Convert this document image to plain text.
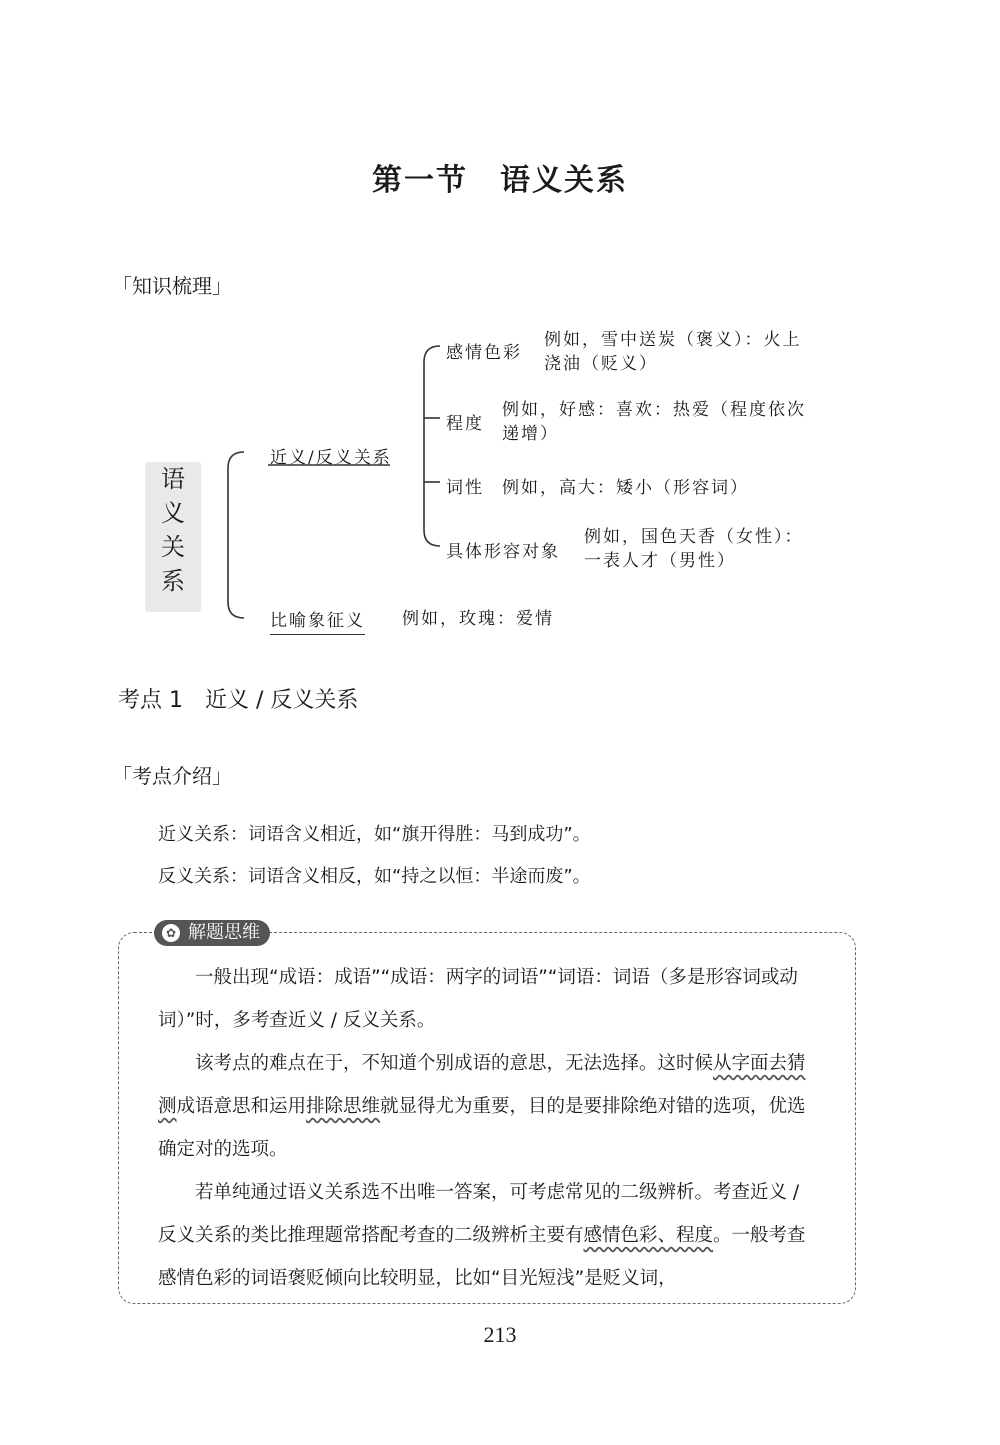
第一节　语义关系
「知识梳理」
语
义
关
系
近义/反义关系
比喻象征义 例如，玫瑰：爱情
感情色彩
例如，雪中送炭（褒义）：火上
浇油（贬义）
程度
例如，好感：喜欢：热爱（程度依次
递增）
词性 例如，高大：矮小（形容词）
具体形容对象
例如，国色天香（女性）：
一表人才（男性）
考点 1　近义 / 反义关系
「考点介绍」
近义关系：词语含义相近，如“旗开得胜：马到成功”。
反义关系：词语含义相反，如“持之以恒：半途而废”。
✿ 解题思维
一般出现“成语：成语”“成语：两字的词语”“词语：词语（多是形容词或动词）”时，多考查近义 / 反义关系。
该考点的难点在于，不知道个别成语的意思，无法选择。这时候从字面去猜测成语意思和运用排除思维就显得尤为重要，目的是要排除绝对错的选项，优选确定对的选项。
若单纯通过语义关系选不出唯一答案，可考虑常见的二级辨析。考查近义 / 反义关系的类比推理题常搭配考查的二级辨析主要有感情色彩、程度。一般考查感情色彩的词语褒贬倾向比较明显，比如“目光短浅”是贬义词，
213
